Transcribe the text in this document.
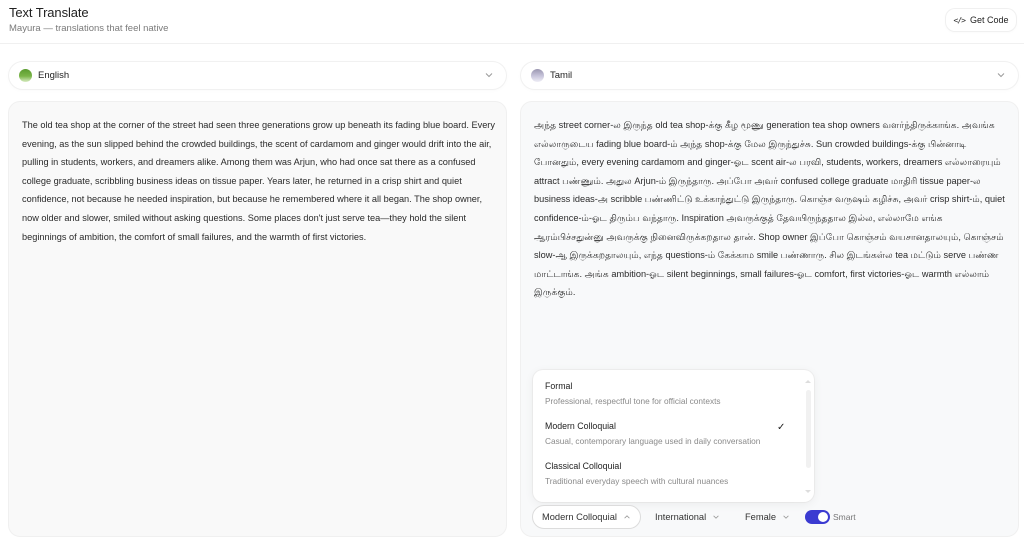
Text Translate
Mayura — translations that feel native
</> Get Code
English	Tamil
The old tea shop at the corner of the street had seen three generations grow up beneath its fading blue board. Every evening, as the sun slipped behind the crowded buildings, the scent of cardamom and ginger would drift into the air, pulling in students, workers, and dreamers alike. Among them was Arjun, who had once sat there as a confused college graduate, scribbling business ideas on tissue paper. Years later, he returned in a crisp shirt and quiet confidence, not because he needed inspiration, but because he remembered where it all began. The shop owner, now older and slower, smiled without asking questions. Some places don't just serve tea—they hold the silent beginnings of ambition, the comfort of small failures, and the warmth of first victories.
அந்த street corner-ல இருந்த old tea shop-க்கு கீழ மூணு generation tea shop owners வளர்ந்திருக்காங்க. அவங்க எல்லாருடைய fading blue board-ம் அந்த shop-க்கு மேல இருந்துச்சு. Sun crowded buildings-க்கு பின்னாடி போனதும், every evening cardamom and ginger-ஓட scent air-ல பரவி, students, workers, dreamers எல்லாரையும் attract பண்ணும். அதுல Arjun-ம் இருந்தாரு. அப்போ அவர் confused college graduate மாதிரி tissue paper-ல business ideas-அ scribble பண்ணிட்டு உக்காந்துட்டு இருந்தாரு. கொஞ்ச வருஷம் கழிச்சு, அவர் crisp shirt-ம், quiet confidence-ம்-ஓட திரும்ப வந்தாரு. Inspiration அவருக்குத் தேவயிருந்ததால இல்ல, எல்லாமே எங்க ஆரம்பிச்சதுன்னு அவருக்கு நினைவிருக்கறதால தான். Shop owner இப்போ கொஞ்சம் வயசானதாலயும், கொஞ்சம் slow-ஆ இருக்கறதாலயும், எந்த questions-ம் கேக்காம smile பண்ணாரு. சில இடங்கள்ல tea மட்டும் serve பண்ண மாட்டாங்க. அங்க ambition-ஓட silent beginnings, small failures-ஓட comfort, first victories-ஓட warmth எல்லாம் இருக்கும்.
Formal
Professional, respectful tone for official contexts
Modern Colloquial
Casual, contemporary language used in daily conversation
✓
Classical Colloquial
Traditional everyday speech with cultural nuances
Modern Colloquial	International	Female	Smart
